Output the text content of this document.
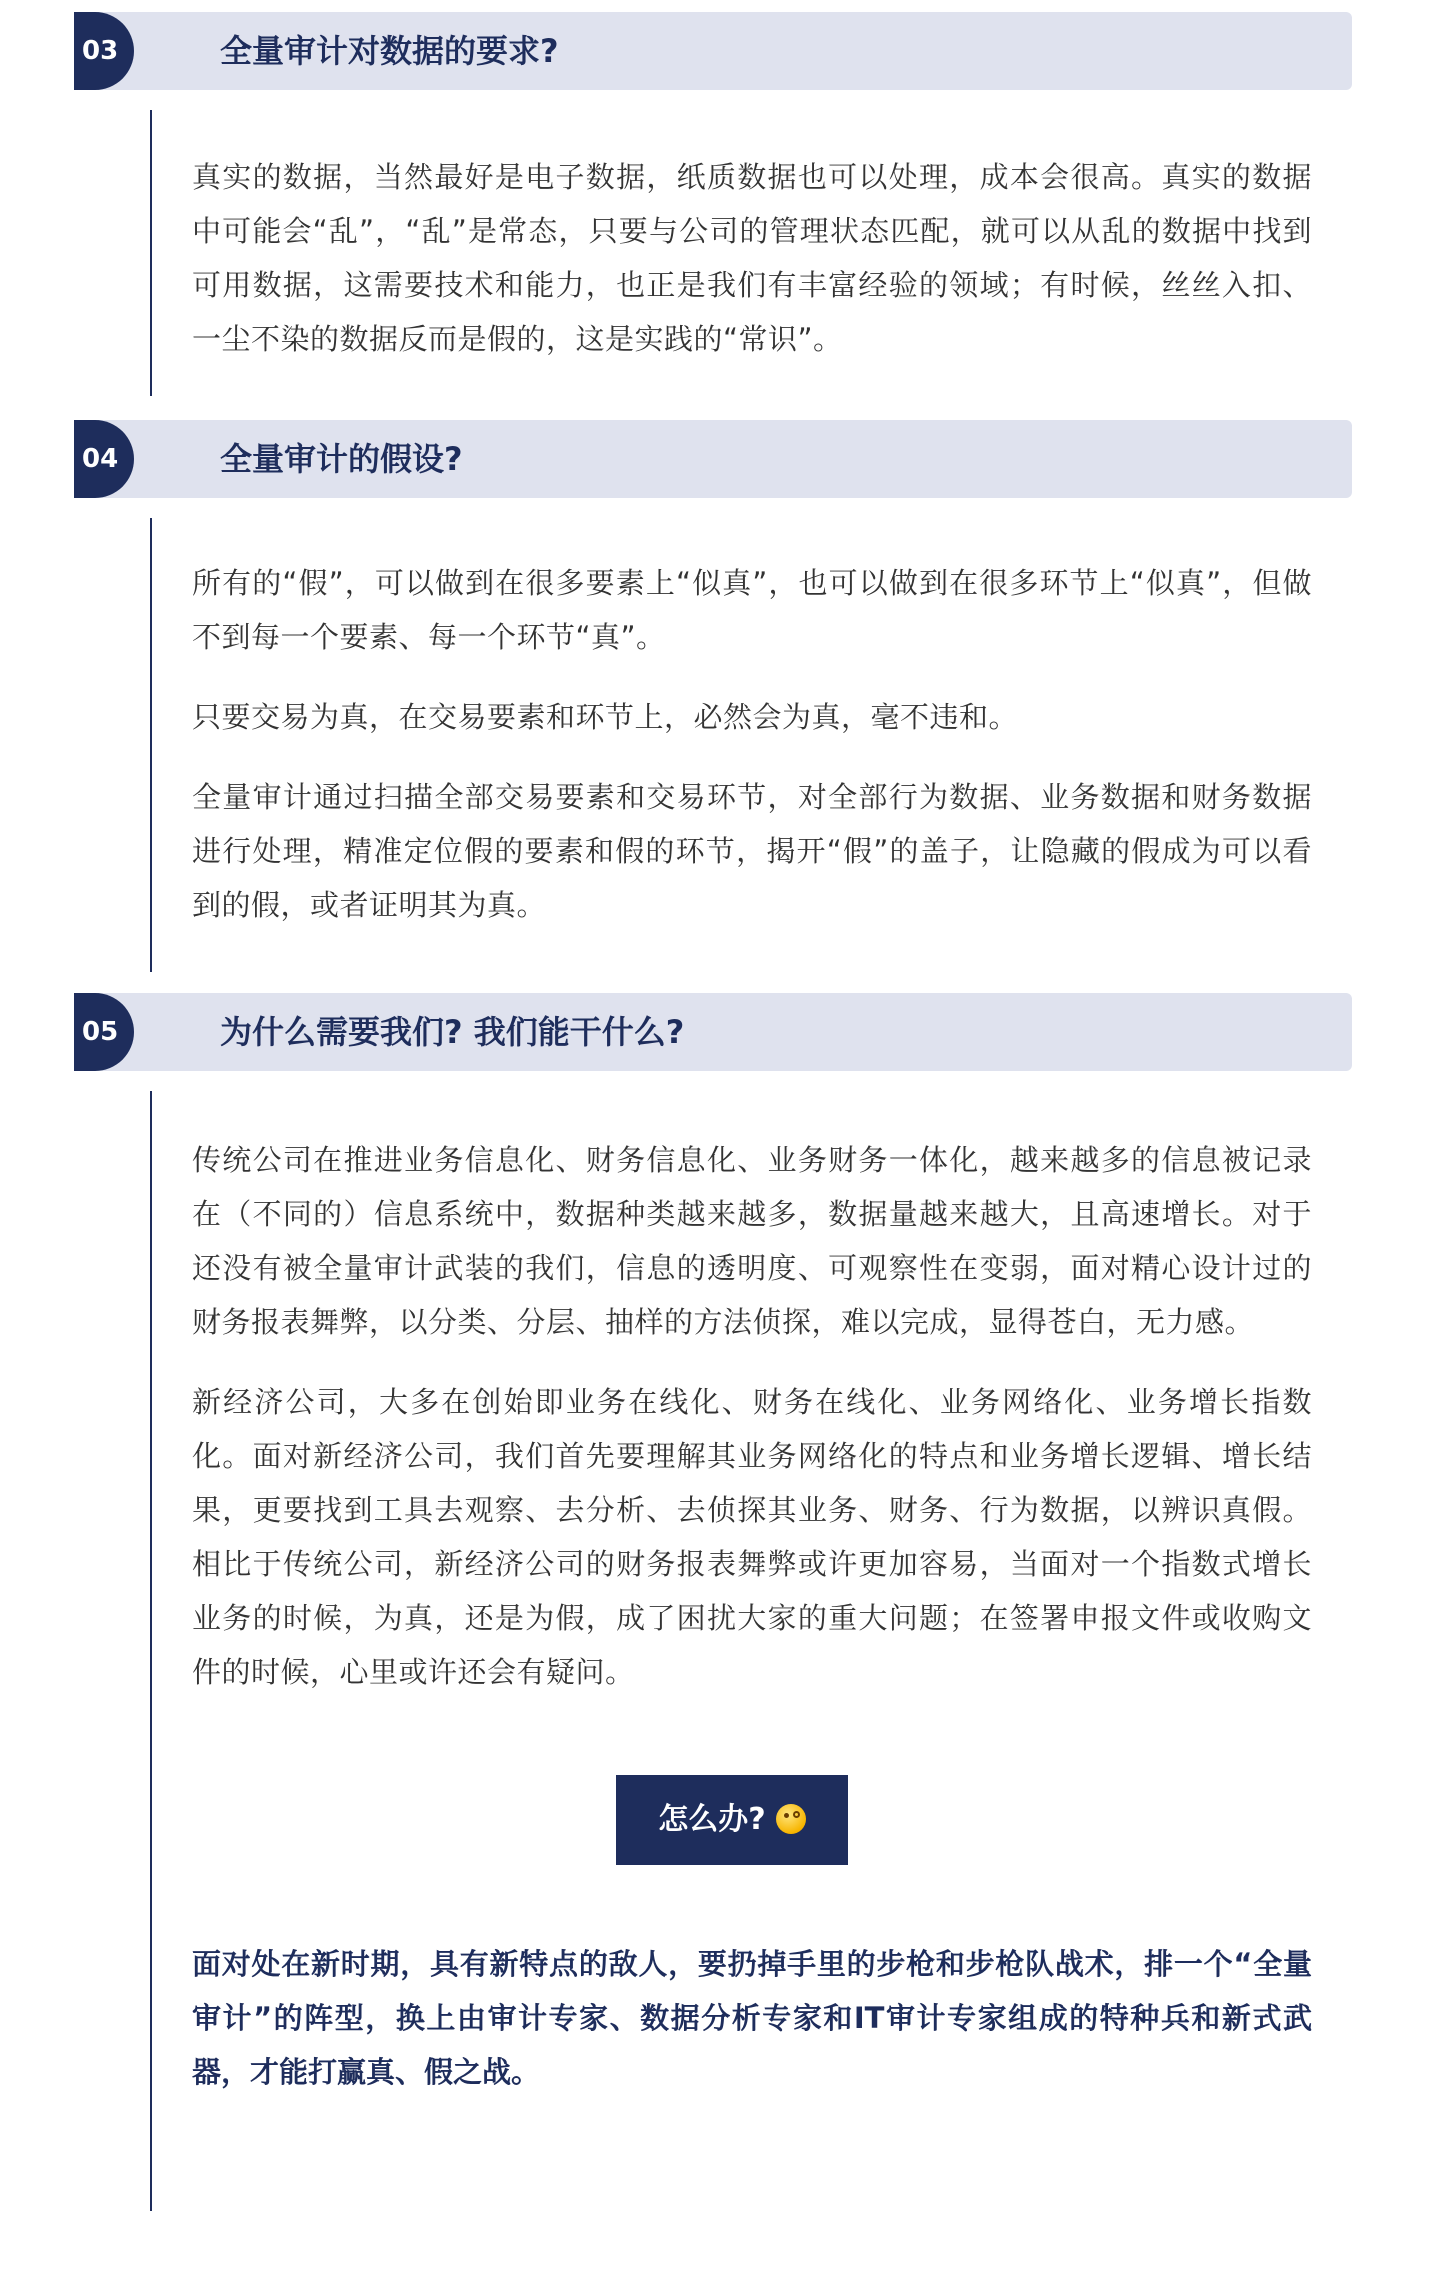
03	全量审计对数据的要求?

真实的数据，当然最好是电子数据，纸质数据也可以处理，成本会很高。真实的数据中可能会“乱”，“乱”是常态，只要与公司的管理状态匹配，就可以从乱的数据中找到可用数据，这需要技术和能力，也正是我们有丰富经验的领域；有时候，丝丝入扣、一尘不染的数据反而是假的，这是实践的“常识”。

04	全量审计的假设?

所有的“假”，可以做到在很多要素上“似真”，也可以做到在很多环节上“似真”，但做不到每一个要素、每一个环节“真”。

只要交易为真，在交易要素和环节上，必然会为真，毫不违和。

全量审计通过扫描全部交易要素和交易环节，对全部行为数据、业务数据和财务数据进行处理，精准定位假的要素和假的环节，揭开“假”的盖子，让隐藏的假成为可以看到的假，或者证明其为真。

05	为什么需要我们? 我们能干什么?

传统公司在推进业务信息化、财务信息化、业务财务一体化，越来越多的信息被记录在（不同的）信息系统中，数据种类越来越多，数据量越来越大，且高速增长。对于还没有被全量审计武装的我们，信息的透明度、可观察性在变弱，面对精心设计过的财务报表舞弊，以分类、分层、抽样的方法侦探，难以完成，显得苍白，无力感。

新经济公司，大多在创始即业务在线化、财务在线化、业务网络化、业务增长指数化。面对新经济公司，我们首先要理解其业务网络化的特点和业务增长逻辑、增长结果，更要找到工具去观察、去分析、去侦探其业务、财务、行为数据，以辨识真假。相比于传统公司，新经济公司的财务报表舞弊或许更加容易，当面对一个指数式增长业务的时候，为真，还是为假，成了困扰大家的重大问题；在签署申报文件或收购文件的时候，心里或许还会有疑问。

怎么办?

面对处在新时期，具有新特点的敌人，要扔掉手里的步枪和步枪队战术，排一个“全量审计”的阵型，换上由审计专家、数据分析专家和IT审计专家组成的特种兵和新式武器，才能打赢真、假之战。
